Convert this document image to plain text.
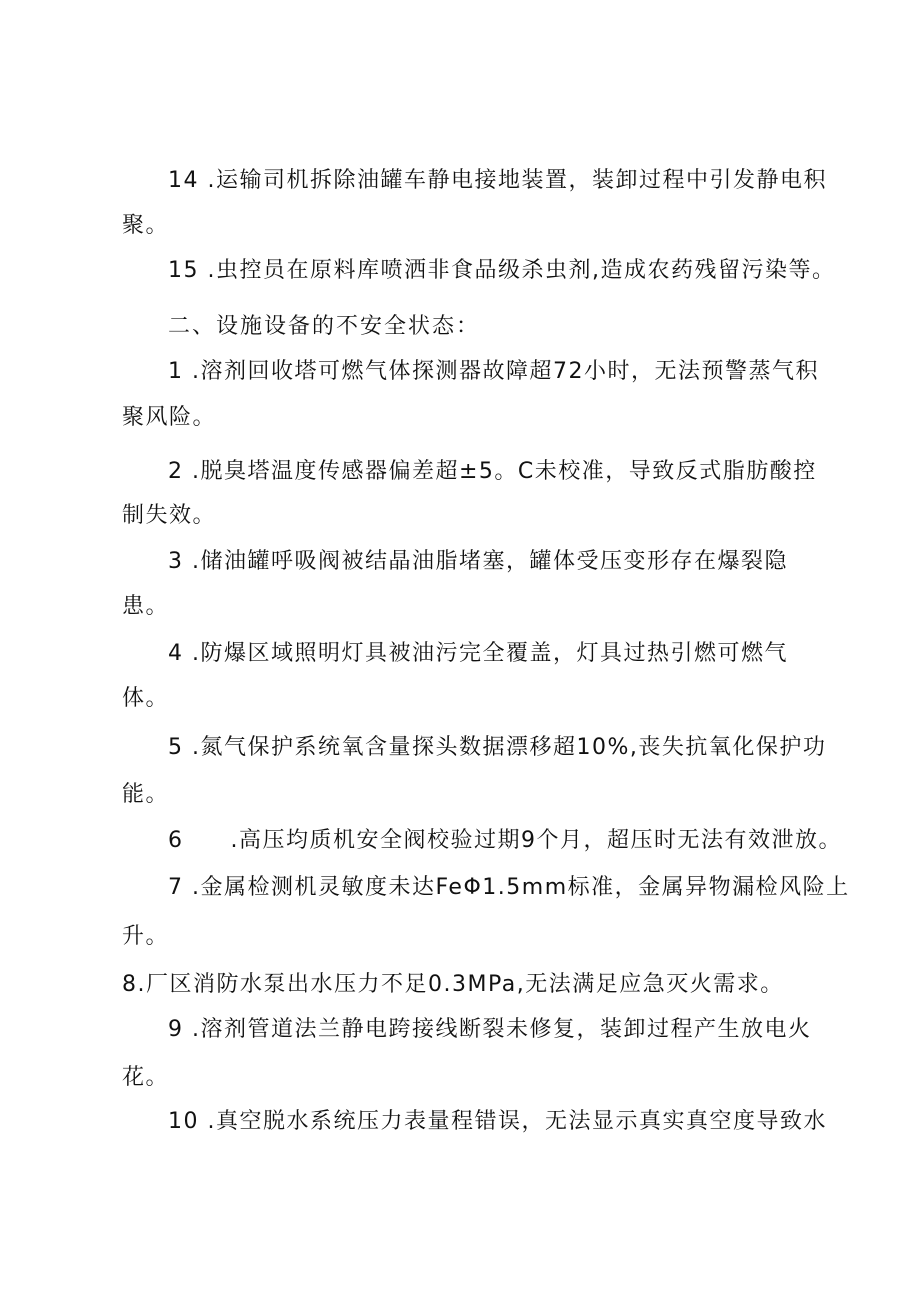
14 .运输司机拆除油罐车静电接地装置，装卸过程中引发静电积
聚。
15 .虫控员在原料库喷洒非食品级杀虫剂,造成农药残留污染等。
二、设施设备的不安全状态：
1 .溶剂回收塔可燃气体探测器故障超72小时，无法预警蒸气积
聚风险。
2 .脱臭塔温度传感器偏差超±5。C未校准，导致反式脂肪酸控
制失效。
3 .储油罐呼吸阀被结晶油脂堵塞，罐体受压变形存在爆裂隐
患。
4 .防爆区域照明灯具被油污完全覆盖，灯具过热引燃可燃气
体。
5 .氮气保护系统氧含量探头数据漂移超10%,丧失抗氧化保护功
能。
6　　.高压均质机安全阀校验过期9个月，超压时无法有效泄放。
7 .金属检测机灵敏度未达FeΦ1.5mm标准，金属异物漏检风险上
升。
8.厂区消防水泵出水压力不足0.3MPa,无法满足应急灭火需求。
9 .溶剂管道法兰静电跨接线断裂未修复，装卸过程产生放电火
花。
10 .真空脱水系统压力表量程错误，无法显示真实真空度导致水
